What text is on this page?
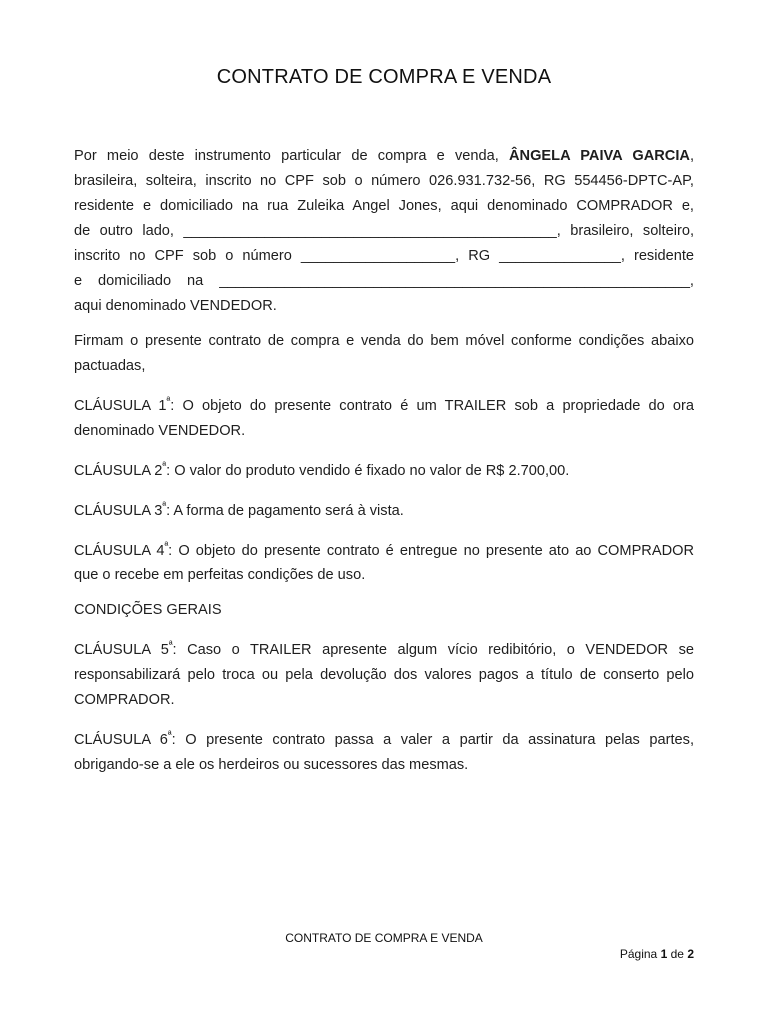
CONTRATO DE COMPRA E VENDA

Por meio deste instrumento particular de compra e venda, ÂNGELA PAIVA GARCIA,
brasileira, solteira, inscrito no CPF sob o número 026.931.732-56, RG 554456-DPTC-AP,
residente e domiciliado na rua Zuleika Angel Jones, aqui denominado COMPRADOR e,
de outro lado, ______________________________________________, brasileiro, solteiro,
inscrito no CPF sob o número ___________________, RG _______________, residente
e domiciliado na __________________________________________________________,
aqui denominado VENDEDOR.

Firmam o presente contrato de compra e venda do bem móvel conforme condições abaixo pactuadas,

CLÁUSULA $1^ª$: O objeto do presente contrato é um TRAILER sob a propriedade do ora denominado VENDEDOR.

CLÁUSULA $2^ª$: O valor do produto vendido é fixado no valor de R$ 2.700,00.

CLÁUSULA $3^ª$: A forma de pagamento será à vista.

CLÁUSULA $4^ª$: O objeto do presente contrato é entregue no presente ato ao COMPRADOR que o recebe em perfeitas condições de uso.

CONDIÇÕES GERAIS

CLÁUSULA $5^ª$: Caso o TRAILER apresente algum vício redibitório, o VENDEDOR se responsabilizará pelo troca ou pela devolução dos valores pagos a título de conserto pelo COMPRADOR.

CLÁUSULA $6^ª$: O presente contrato passa a valer a partir da assinatura pelas partes, obrigando-se a ele os herdeiros ou sucessores das mesmas.

CONTRATO DE COMPRA E VENDA
Página 1 de 2
